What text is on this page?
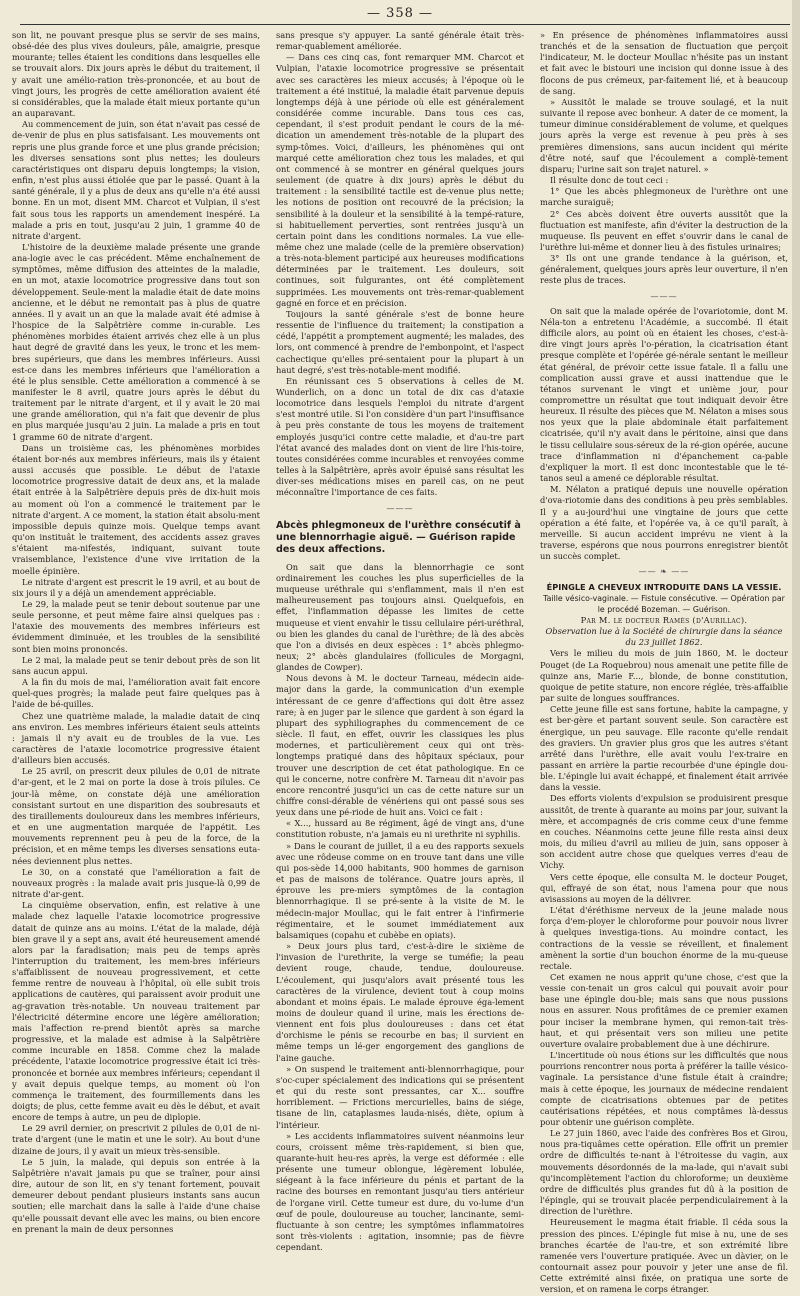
— 358 —

son lit, ne pouvant presque plus se servir de ses mains, obsé-dée des plus vives douleurs, pâle, amaigrie, presque mourante; telles étaient les conditions dans lesquelles elle se trouvait alors. Dix jours après le début du traitement, il y avait une amélio-ration très-prononcée, et au bout de vingt jours, les progrès de cette amélioration avaient été si considérables, que la malade était mieux portante qu'un an auparavant.

Au commencement de juin, son état n'avait pas cessé de de-venir de plus en plus satisfaisant. Les mouvements ont repris une plus grande force et une plus grande précision; les diverses sensations sont plus nettes; les douleurs caractéristiques ont disparu depuis longtemps; la vision, enfin, n'est plus aussi étiolée que par le passé. Quant à la santé générale, il y a plus de deux ans qu'elle n'a été aussi bonne. En un mot, disent MM. Charcot et Vulpian, il s'est fait sous tous les rapports un amendement inespéré. La malade a pris en tout, jusqu'au 2 juin, 1 gramme 40 de nitrate d'argent.

L'histoire de la deuxième malade présente une grande ana-logie avec le cas précédent. Même enchaînement de symptômes, même diffusion des atteintes de la maladie, en un mot, ataxie locomotrice progressive dans tout son développement. Seule-ment la maladie était de date moins ancienne, et le début ne remontait pas à plus de quatre années. Il y avait un an que la malade avait été admise à l'hospice de la Salpêtrière comme in-curable. Les phénomènes morbides étaient arrivés chez elle à un plus haut degré de gravité dans les yeux, le tronc et les mem-bres supérieurs, que dans les membres inférieurs. Aussi est-ce dans les membres inférieurs que l'amélioration a été le plus sensible. Cette amélioration a commencé à se manifester le 8 avril, quatre jours après le début du traitement par le nitrate d'argent, et il y avait le 20 mai une grande amélioration, qui n'a fait que devenir de plus en plus marquée jusqu'au 2 juin. La malade a pris en tout 1 gramme 60 de nitrate d'argent.

Dans un troisième cas, les phénomènes morbides étaient bor-nés aux membres inférieurs, mais ils y étaient aussi accusés que possible. Le début de l'ataxie locomotrice progressive datait de deux ans, et la malade était entrée à la Salpêtrière depuis près de dix-huit mois au moment où l'on a commencé le traitement par le nitrate d'argent. A ce moment, la station était absolu-ment impossible depuis quinze mois. Quelque temps avant qu'on instituât le traitement, des accidents assez graves s'étaient ma-nifestés, indiquant, suivant toute vraisemblance, l'existence d'une vive irritation de la moelle épinière.

Le nitrate d'argent est prescrit le 19 avril, et au bout de six jours il y a déjà un amendement appréciable.

Le 29, la malade peut se tenir debout soutenue par une seule personne, et peut même faire ainsi quelques pas : l'ataxie des mouvements des membres inférieurs est évidemment diminuée, et les troubles de la sensibilité sont bien moins prononcés.

Le 2 mai, la malade peut se tenir debout près de son lit sans aucun appui.

A la fin du mois de mai, l'amélioration avait fait encore quel-ques progrès; la malade peut faire quelques pas à l'aide de bé-quilles.

Chez une quatrième malade, la maladie datait de cinq ans environ. Les membres inférieurs étaient seuls atteints : jamais il n'y avait eu de troubles de la vue. Les caractères de l'ataxie locomotrice progressive étaient d'ailleurs bien accusés.

Le 25 avril, on prescrit deux pilules de 0,01 de nitrate d'ar-gent, et le 2 mai on porte la dose à trois pilules. Ce jour-là même, on constate déjà une amélioration consistant surtout en une disparition des soubresauts et des tiraillements douloureux dans les membres inférieurs, et en une augmentation marquée de l'appétit. Les mouvements reprennent peu à peu de la force, de la précision, et en même temps les diverses sensations euta-nées deviennent plus nettes.

Le 30, on a constaté que l'amélioration a fait de nouveaux progrès : la malade avait pris jusque-là 0,99 de nitrate d'ar-gent.

La cinquième observation, enfin, est relative à une malade chez laquelle l'ataxie locomotrice progressive datait de quinze ans au moins. L'état de la malade, déjà bien grave il y a sept ans, avait été heureusement amendé alors par la faradisation; mais peu de temps après l'interruption du traitement, les mem-bres inférieurs s'affaiblissent de nouveau progressivement, et cette femme rentre de nouveau à l'hôpital, où elle subit trois applications de cautères, qui paraissent avoir produit une ag-gravation très-notable. Un nouveau traitement par l'électricité détermine encore une légère amélioration; mais l'affection re-prend bientôt après sa marche progressive, et la malade est admise à la Salpêtrière comme incurable en 1858. Comme chez la malade précédente, l'ataxie locomotrice progressive était ici très-prononcée et bornée aux membres inférieurs; cependant il y avait depuis quelque temps, au moment où l'on commença le traitement, des fourmillements dans les doigts; de plus, cette femme avait eu dès le début, et avait encore de temps à autre, un peu de diplopie.

Le 29 avril dernier, on prescrivit 2 pilules de 0,01 de ni-trate d'argent (une le matin et une le soir). Au bout d'une dizaine de jours, il y avait un mieux très-sensible.

Le 5 juin, la malade, qui depuis son entrée à la Salpêtrière n'avait jamais pu que se traîner, pour ainsi dire, autour de son lit, en s'y tenant fortement, pouvait demeurer debout pendant plusieurs instants sans aucun soutien; elle marchait dans la salle à l'aide d'une chaise qu'elle poussait devant elle avec les mains, ou bien encore en prenant la main de deux personnes

sans presque s'y appuyer. La santé générale était très-remar-quablement améliorée.

— Dans ces cinq cas, font remarquer MM. Charcot et Vulpian, l'ataxie locomotrice progressive se présentait avec ses caractères les mieux accusés; à l'époque où le traitement a été institué, la maladie était parvenue depuis longtemps déjà à une période où elle est généralement considérée comme incurable. Dans tous ces cas, cependant, il s'est produit pendant le cours de la mé-dication un amendement très-notable de la plupart des symp-tômes. Voici, d'ailleurs, les phénomènes qui ont marqué cette amélioration chez tous les malades, et qui ont commencé à se montrer en général quelques jours seulement (de quatre à dix jours) après le début du traitement : la sensibilité tactile est de-venue plus nette; les notions de position ont recouvré de la précision; la sensibilité à la douleur et la sensibilité à la tempé-rature, si habituellement perverties, sont rentrées jusqu'à un certain point dans les conditions normales. La vue elle-même chez une malade (celle de la première observation) a très-nota-blement participé aux heureuses modifications déterminées par le traitement. Les douleurs, soit continues, soit fulgurantes, ont été complètement supprimées. Les mouvements ont très-remar-quablement gagné en force et en précision.

Toujours la santé générale s'est de bonne heure ressentie de l'influence du traitement; la constipation a cédé, l'appétit a promptement augmenté; les malades, des lors, ont commencé à prendre de l'embonpoint, et l'aspect cachectique qu'elles pré-sentaient pour la plupart à un haut degré, s'est très-notable-ment modifié.

En réunissant ces 5 observations à celles de M. Wunderlich, on a donc un total de dix cas d'ataxie locomotrice dans lesquels l'emploi du nitrate d'argent s'est montré utile. Si l'on considère d'un part l'insuffisance à peu près constante de tous les moyens de traitement employés jusqu'ici contre cette maladie, et d'au-tre part l'état avancé des malades dont on vient de lire l'his-toire, toutes considérées comme incurables et renvoyées comme telles à la Salpêtrière, après avoir épuisé sans résultat les diver-ses médications mises en pareil cas, on ne peut méconnaître l'importance de ces faits.

———
Abcès phlegmoneux de l'urèthre consécutif à une blennorrhagie aiguë. — Guérison rapide des deux affections.

On sait que dans la blennorrhagie ce sont ordinairement les couches les plus superficielles de la muqueuse uréthrale qui s'enflamment, mais il n'en est malheureusement pas toujours ainsi. Quelquefois, en effet, l'inflammation dépasse les limites de cette muqueuse et vient envahir le tissu cellulaire péri-uréthral, ou bien les glandes du canal de l'urèthre; de là des abcès que l'on a divisés en deux espèces : 1° abcès phlegmo-neux; 2° abcès glandulaires (follicules de Morgagni, glandes de Cowper).

Nous devons à M. le docteur Tarneau, médecin aide-major dans la garde, la communication d'un exemple intéressant de ce genre d'affections qui doit être assez rare; à en juger par le silence que gardent à son égard la plupart des syphiliographes du commencement de ce siècle. Il faut, en effet, ouvrir les classiques les plus modernes, et particulièrement ceux qui ont très-longtemps pratiqué dans des hôpitaux spéciaux, pour trouver une description de cet état pathologique. En ce qui le concerne, notre confrère M. Tarneau dit n'avoir pas encore rencontré jusqu'ici un cas de cette nature sur un chiffre consi-dérable de vénériens qui ont passé sous ses yeux dans une pé-riode de huit ans. Voici ce fait :

« X..., hussard au 8e régiment, âgé de vingt ans, d'une constitution robuste, n'a jamais eu ni urethrite ni syphilis.

» Dans le courant de juillet, il a eu des rapports sexuels avec une rôdeuse comme on en trouve tant dans une ville qui pos-sède 14,000 habitants, 900 hommes de garnison et pas de maisons de tolérance. Quatre jours après, il éprouve les pre-miers symptômes de la contagion blennorrhagique. Il se pré-sente à la visite de M. le médecin-major Moullac, qui le fait entrer à l'infirmerie régimentaire, et le soumet immédiatement aux balsamiques (copahu et cubèbe en opiats).

» Deux jours plus tard, c'est-à-dire le sixième de l'invasion de l'urethrite, la verge se tuméfie; la peau devient rouge, chaude, tendue, douloureuse. L'écoulement, qui jusqu'alors avait présenté tous les caractères de la virulence, devient tout à coup moins abondant et moins épais. Le malade éprouve éga-lement moins de douleur quand il urine, mais les érections de-viennent ent fois plus douloureuses : dans cet état d'orchisme le pénis se recourbe en bas; il survient en même temps un lé-ger engorgement des ganglions de l'aine gauche.

» On suspend le traitement anti-blennorrhagique, pour s'oc-cuper spécialement des indications qui se présentent et qui du reste sont pressantes, car X... souffre horriblement. — Frictions mercurielles, bains de siége, tisane de lin, cataplasmes lauda-nisés, diète, opium à l'intérieur.

» Les accidents inflammatoires suivent néanmoins leur cours, croissent même très-rapidement, si bien que, quarante-huit heu-res après, la verge est déformée : elle présente une tumeur oblongue, légèrement lobulée, siégeant à la face inférieure du pénis et partant de la racine des bourses en remontant jusqu'au tiers antérieur de l'organe viril. Cette tumeur est dure, du vo-lume d'un œuf de poule, douloureuse au toucher, lancinante, semi-fluctuante à son centre; les symptômes inflammatoires sont très-violents : agitation, insomnie; pas de fièvre cependant.

» En présence de phénomènes inflammatoires aussi tranchés et de la sensation de fluctuation que perçoit l'indicateur, M. le docteur Moullac n'hésite pas un instant et fait avec le bistouri une incision qui donne issue à des flocons de pus crémeux, par-faitement lié, et à beaucoup de sang.

» Aussitôt le malade se trouve soulagé, et la nuit suivante il repose avec bonheur. A dater de ce moment, la tumeur diminue considérablement de volume, et quelques jours après la verge est revenue à peu près à ses premières dimensions, sans aucun incident qui mérite d'être noté, sauf que l'écoulement a complè-tement disparu; l'urine sait son trajet naturel. »

Il résulte donc de tout ceci :

1° Que les abcès phlegmoneux de l'urèthre ont une marche suraiguë;

2° Ces abcès doivent être ouverts aussitôt que la fluctuation est manifeste, afin d'éviter la destruction de la muqueuse. Ils peuvent en effet s'ouvrir dans le canal de l'urèthre lui-même et donner lieu à des fistules urinaires;

3° Ils ont une grande tendance à la guérison, et, généralement, quelques jours après leur ouverture, il n'en reste plus de traces.

———

On sait que la malade opérée de l'ovariotomie, dont M. Néla-ton a entretenu l'Académie, a succombé. Il était difficile alors, au point où en étaient les choses, c'est-à-dire vingt jours après l'o-pération, la cicatrisation étant presque complète et l'opérée gé-nérale sentant le meilleur état général, de prévoir cette issue fatale. Il a fallu une complication aussi grave et aussi inattendue que le tétanos survenant le vingt et unième jour, pour compromettre un résultat que tout indiquait devoir être heureux. Il résulte des pièces que M. Nélaton a mises sous nos yeux que la plaie abdominale était parfaitement cicatrisée, qu'il n'y avait dans le péritoine, ainsi que dans le tissu cellulaire sous-séreux de la ré-gion opérée, aucune trace d'inflammation ni d'épanchement ca-pable d'expliquer la mort. Il est donc incontestable que le té-tanos seul a amené ce déplorable résultat.

M. Nélaton a pratiqué depuis une nouvelle opération d'ova-riotomie dans des conditions à peu près semblables. Il y a au-jourd'hui une vingtaine de jours que cette opération a été faite, et l'opérée va, à ce qu'il paraît, à merveille. Si aucun accident imprévu ne vient à la traverse, espérons que nous pourrons enregistrer bientôt un succès complet.

—— ❧ ——

ÉPINGLE A CHEVEUX INTRODUITE DANS LA VESSIE.

Taille vésico-vaginale. — Fistule consécutive. — Opération par le procédé Bozeman. — Guérison.

Par M. le docteur Ramès (d'Aurillac).

Observation lue à la Société de chirurgie dans la séance du 23 juillet 1862.

Vers le milieu du mois de juin 1860, M. le docteur Pouget (de La Roquebrou) nous amenait une petite fille de quinze ans, Marie F..., blonde, de bonne constitution, quoique de petite stature, non encore réglée, très-affaiblie par suite de longues souffrances.

Cette jeune fille est sans fortune, habite la campagne, y est ber-gère et partant souvent seule. Son caractère est énergique, un peu sauvage. Elle raconte qu'elle rendait des graviers. Un gravier plus gros que les autres s'étant arrêté dans l'urèthre, elle avait voulu l'ex-traire en passant en arrière la partie recourbée d'une épingle dou-ble. L'épingle lui avait échappé, et finalement était arrivée dans la vessie.

Des efforts violents d'expulsion se produisirent presque aussitôt, de trente à quarante au moins par jour, suivant la mère, et accompagnés de cris comme ceux d'une femme en couches. Néanmoins cette jeune fille resta ainsi deux mois, du milieu d'avril au milieu de juin, sans opposer à son accident autre chose que quelques verres d'eau de Vichy.

Vers cette époque, elle consulta M. le docteur Pouget, qui, effrayé de son état, nous l'amena pour que nous avisassions au moyen de la délivrer.

L'état d'éréthisme nerveux de la jeune malade nous força d'em-ployer le chloroforme pour pouvoir nous livrer à quelques investiga-tions. Au moindre contact, les contractions de la vessie se réveillent, et finalement amènent la sortie d'un bouchon énorme de la mu-queuse rectale.

Cet examen ne nous apprit qu'une chose, c'est que la vessie con-tenait un gros calcul qui pouvait avoir pour base une épingle dou-ble; mais sans que nous pussions nous en assurer. Nous profitâmes de ce premier examen pour inciser la membrane hymen, qui remon-tait très-haut, et qui présentait vers son milieu une petite ouverture ovalaire probablement due à une déchirure.

L'incertitude où nous étions sur les difficultés que nous pourrions rencontrer nous porta à préférer la taille vésico-vaginale. La persistance d'une fistule était à craindre; mais à cette époque, les journaux de médecine rendaient compte de cicatrisations obtenues par de petites cautérisations répétées, et nous comptâmes là-dessus pour obtenir une guérison complète.

Le 27 juin 1860, avec l'aide des confrères Bos et Girou, nous pra-tiquâmes cette opération. Elle offrit un premier ordre de difficultés te-nant à l'étroitesse du vagin, aux mouvements désordonnés de la ma-lade, qui n'avait subi qu'incomplètement l'action du chloroforme; un deuxième ordre de difficultés plus grandes fut dû à la position de l'épingle, qui se trouvait placée perpendiculairement à la direction de l'urèthre.

Heureusement le magma était friable. Il céda sous la pression des pinces. L'épingle fut mise à nu, une de ses branches écartée de l'au-tre, et son extrémité libre ramenée vers l'ouverture pratiquée. Avec un dàvier, on le contournait assez pour pouvoir y jeter une anse de fil. Cette extrémité ainsi fixée, on pratiqua une sorte de version, et on ramena le corps étranger.
